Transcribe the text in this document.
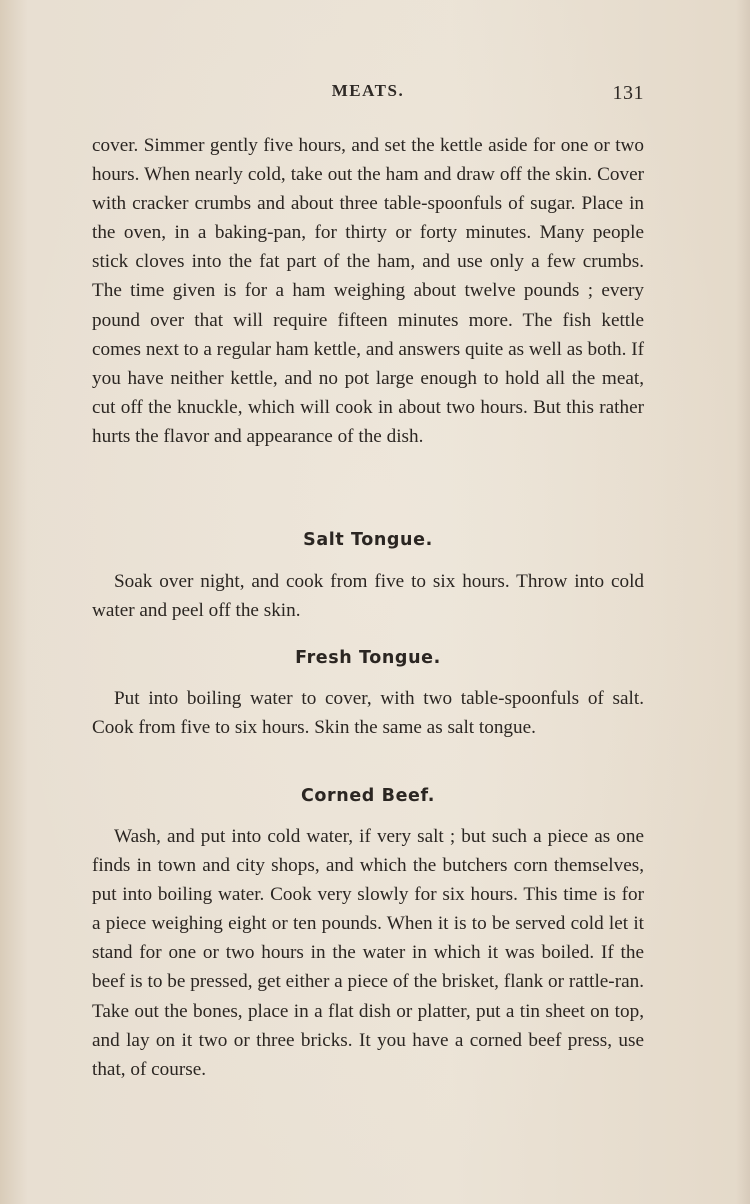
MEATS.	131

cover. Simmer gently five hours, and set the kettle aside for one or two hours. When nearly cold, take out the ham and draw off the skin. Cover with cracker crumbs and about three table-spoonfuls of sugar. Place in the oven, in a baking-pan, for thirty or forty minutes. Many people stick cloves into the fat part of the ham, and use only a few crumbs. The time given is for a ham weighing about twelve pounds ; every pound over that will require fifteen minutes more. The fish kettle comes next to a regular ham kettle, and answers quite as well as both. If you have neither kettle, and no pot large enough to hold all the meat, cut off the knuckle, which will cook in about two hours. But this rather hurts the flavor and appearance of the dish.

Salt Tongue.

Soak over night, and cook from five to six hours. Throw into cold water and peel off the skin.

Fresh Tongue.

Put into boiling water to cover, with two table-spoonfuls of salt. Cook from five to six hours. Skin the same as salt tongue.

Corned Beef.

Wash, and put into cold water, if very salt ; but such a piece as one finds in town and city shops, and which the butchers corn themselves, put into boiling water. Cook very slowly for six hours. This time is for a piece weighing eight or ten pounds. When it is to be served cold let it stand for one or two hours in the water in which it was boiled. If the beef is to be pressed, get either a piece of the brisket, flank or rattle-ran. Take out the bones, place in a flat dish or platter, put a tin sheet on top, and lay on it two or three bricks. It you have a corned beef press, use that, of course.
